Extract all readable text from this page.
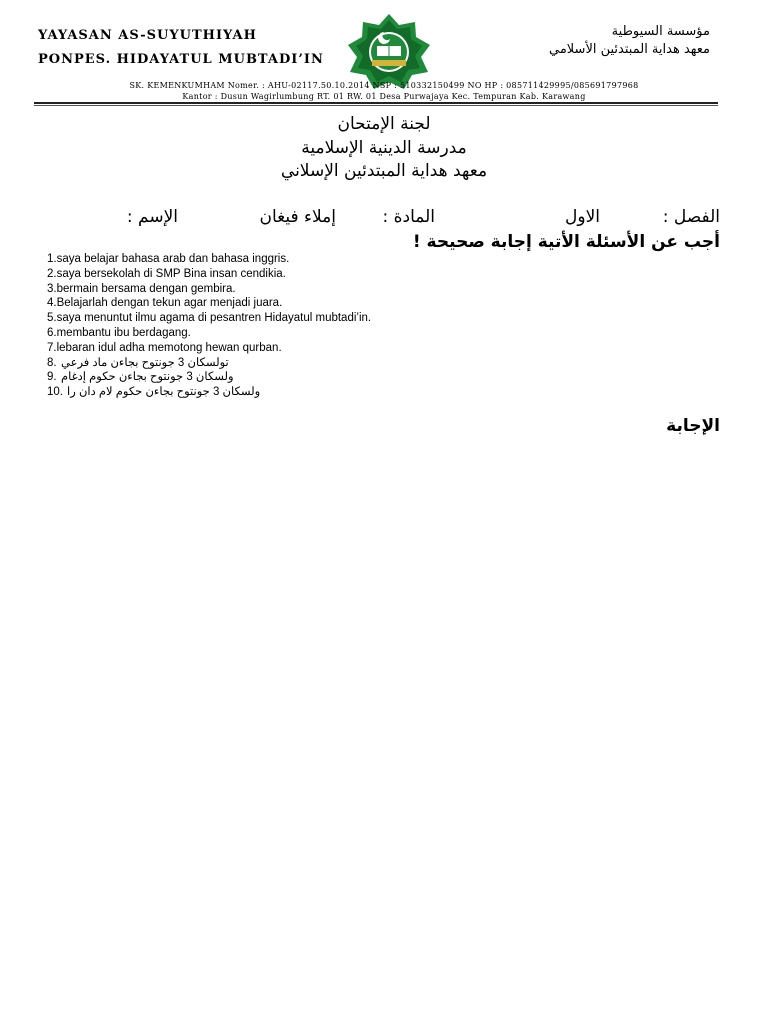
YAYASAN AS-SUYUTHIYAH
PONPES. HIDAYATUL MUBTADI’IN
مؤسسة السيوطية
معهد هداية المبتدئين الأسلامي
SK. KEMENKUMHAM Nomer. : AHU-02117.50.10.2014 NSP : 510332150499 NO HP : 085711429995/085691797968
Kantor : Dusun Wagirlumbung RT. 01 RW. 01 Desa Purwajaya Kec. Tempuran Kab. Karawang
لجنة الإمتحان
مدرسة الدينية الإسلامية
معهد هداية المبتدئين الإسلاني
الفصل :
الاول
المادة :
إملاء فيغان
الإسم :
أجب عن الأسئلة الأتية إجابة صحيحة !
1.saya belajar bahasa arab dan bahasa inggris.
2.saya bersekolah di SMP Bina insan cendikia.
3.bermain bersama dengan gembira.
4.Belajarlah dengan tekun agar menjadi juara.
5.saya menuntut ilmu agama di pesantren Hidayatul mubtadi’in.
6.membantu ibu berdagang.
7.lebaran idul adha memotong hewan qurban.
8. تولسكان 3 جونتوح بجاءن ماد فرعي
9. ولسكان 3 جونتوح بجاءن حكوم إدغام
10. ولسكان 3 جونتوح بجاءن حكوم لام دان را
الإجابة
